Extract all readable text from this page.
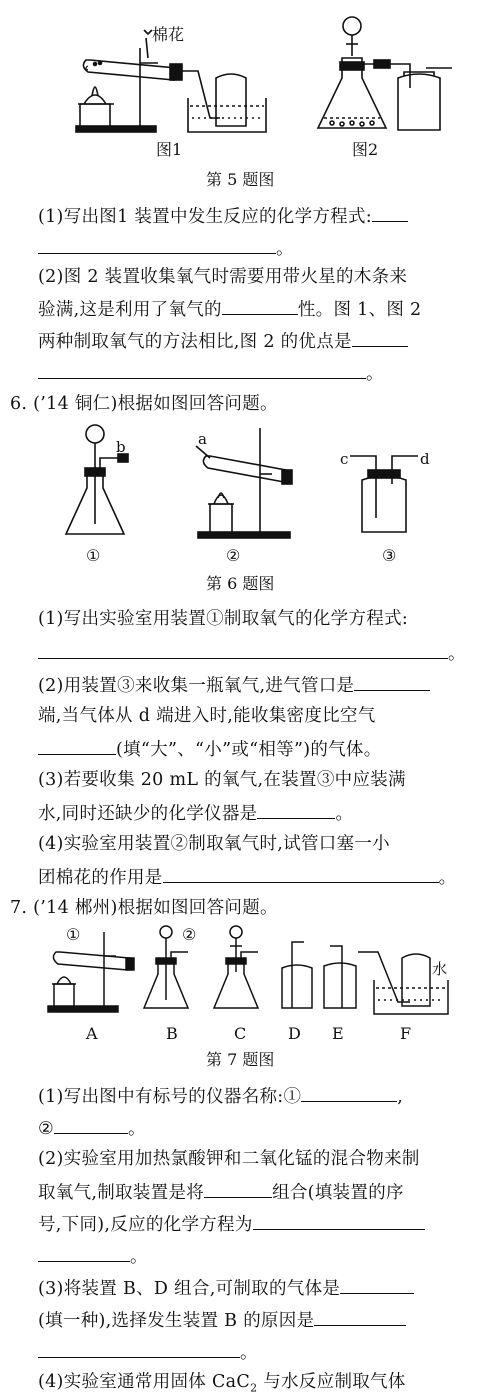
棉花
图1	图2
第 5 题图
(1)写出图1 装置中发生反应的化学方程式:
。
(2)图 2 装置收集氧气时需要用带火星的木条来
验满,这是利用了氧气的	性。图 1、图 2
两种制取氧气的方法相比,图 2 的优点是
。
6. (’14 铜仁)根据如图回答问题。
b	a
c	d
①	②	③
第 6 题图
(1)写出实验室用装置①制取氧气的化学方程式:
。
(2)用装置③来收集一瓶氧气,进气管口是
端,当气体从 d 端进入时,能收集密度比空气
(填“大”、“小”或“相等”)的气体。
(3)若要收集 20 mL 的氧气,在装置③中应装满
水,同时还缺少的化学仪器是	。
(4)实验室用装置②制取氧气时,试管口塞一小
团棉花的作用是	。
7. (’14 郴州)根据如图回答问题。
①	②
水
A	B	C	D E	F
第 7 题图
(1)写出图中有标号的仪器名称:①	,
②	。
(2)实验室用加热氯酸钾和二氧化锰的混合物来制
取氧气,制取装置是将	组合(填装置的序
号,下同),反应的化学方程为
。
(3)将装置 B、D 组合,可制取的气体是
(填一种),选择发生装置 B 的原因是
。
(4)实验室通常用固体 CaC$_2$ 与水反应制取气体
